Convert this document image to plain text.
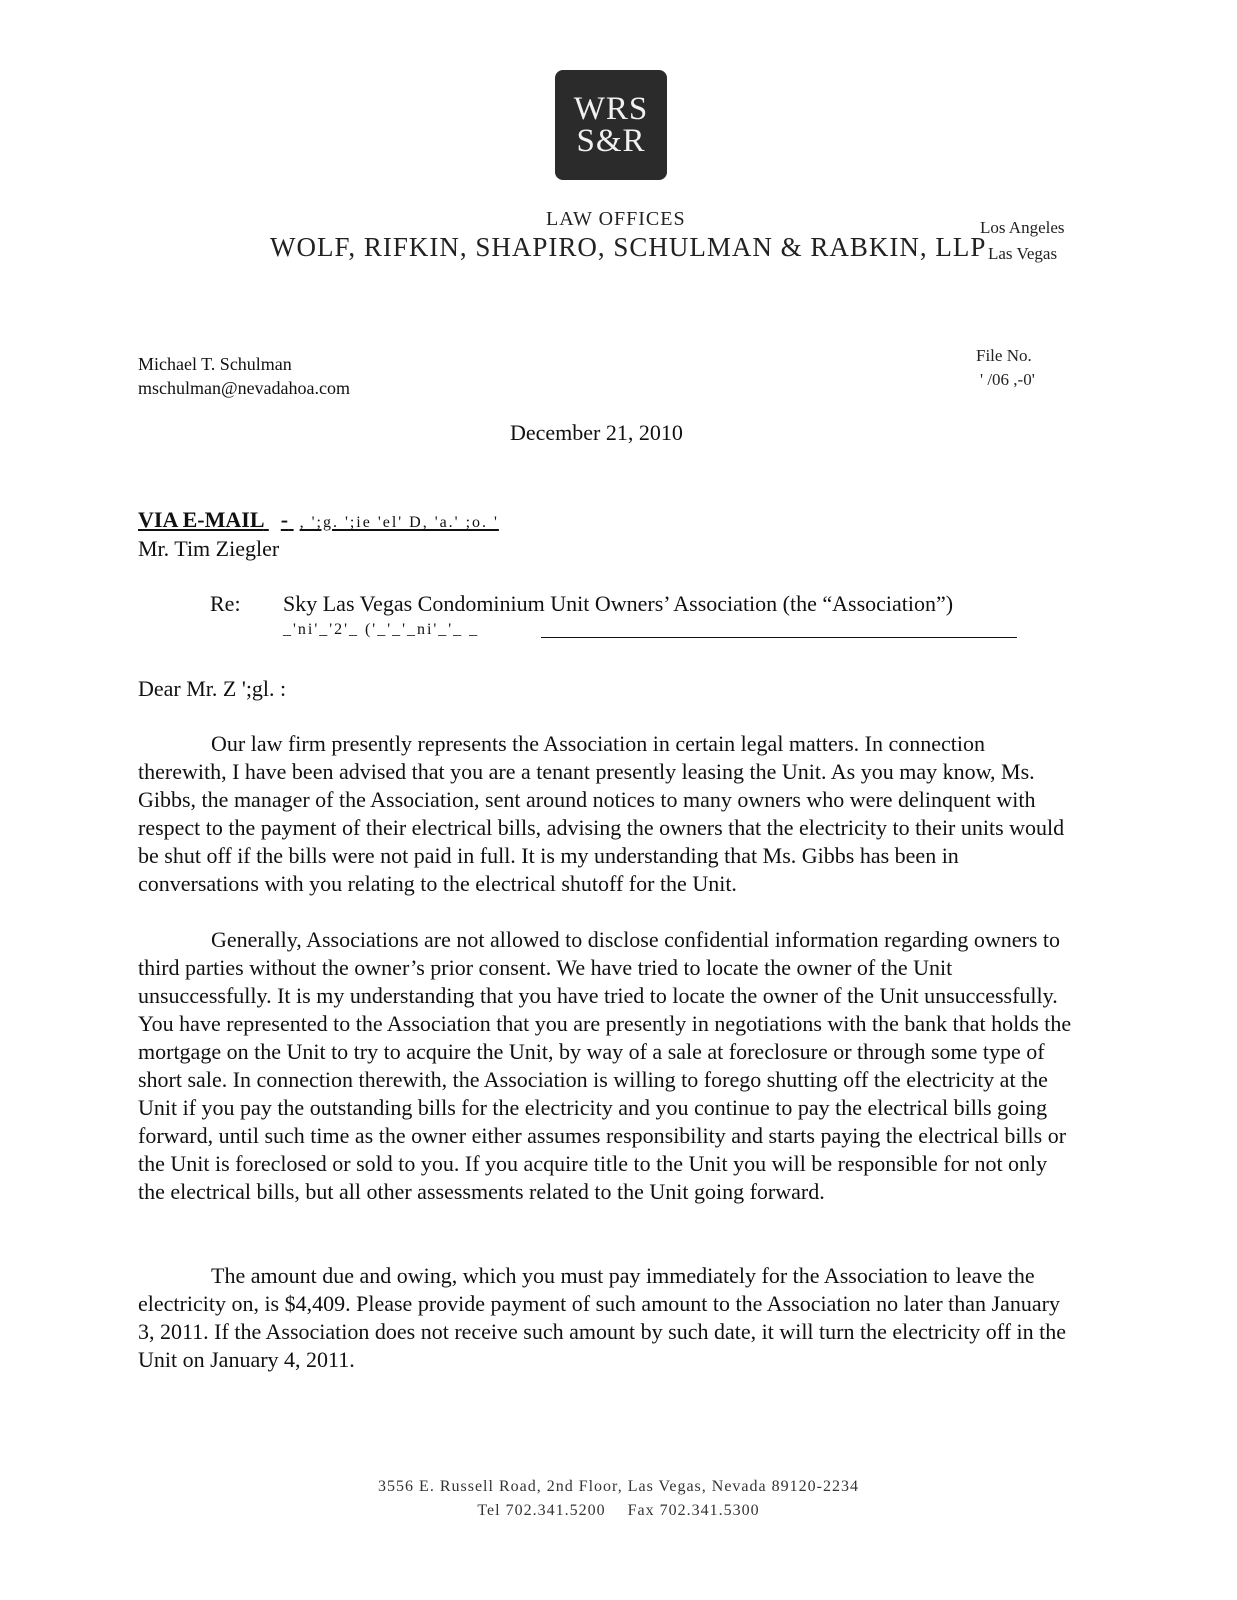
WRS
S&R
LAW OFFICES
WOLF, RIFKIN, SHAPIRO, SCHULMAN & RABKIN, LLP
Los Angeles
Las Vegas
Michael T. Schulman
mschulman@nevadahoa.com
File No.
' /06 ,-0'
December 21, 2010
VIA E-MAIL - , ';g. ';ie 'el' D, 'a.' ;o. '
Mr. Tim Ziegler
Re: Sky Las Vegas Condominium Unit Owners’ Association (the “Association”)
_'ni'_'2'_ ('_'_'_ni'_'_ _
Dear Mr. Z ';gl. :

Our law firm presently represents the Association in certain legal matters. In connection therewith, I have been advised that you are a tenant presently leasing the Unit. As you may know, Ms. Gibbs, the manager of the Association, sent around notices to many owners who were delinquent with respect to the payment of their electrical bills, advising the owners that the electricity to their units would be shut off if the bills were not paid in full. It is my understanding that Ms. Gibbs has been in conversations with you relating to the electrical shutoff for the Unit.

Generally, Associations are not allowed to disclose confidential information regarding owners to third parties without the owner’s prior consent. We have tried to locate the owner of the Unit unsuccessfully. It is my understanding that you have tried to locate the owner of the Unit unsuccessfully. You have represented to the Association that you are presently in negotiations with the bank that holds the mortgage on the Unit to try to acquire the Unit, by way of a sale at foreclosure or through some type of short sale. In connection therewith, the Association is willing to forego shutting off the electricity at the Unit if you pay the outstanding bills for the electricity and you continue to pay the electrical bills going forward, until such time as the owner either assumes responsibility and starts paying the electrical bills or the Unit is foreclosed or sold to you. If you acquire title to the Unit you will be responsible for not only the electrical bills, but all other assessments related to the Unit going forward.

The amount due and owing, which you must pay immediately for the Association to leave the electricity on, is $4,409. Please provide payment of such amount to the Association no later than January 3, 2011. If the Association does not receive such amount by such date, it will turn the electricity off in the Unit on January 4, 2011.

3556 E. Russell Road, 2nd Floor, Las Vegas, Nevada 89120-2234
Tel 702.341.5200 Fax 702.341.5300
